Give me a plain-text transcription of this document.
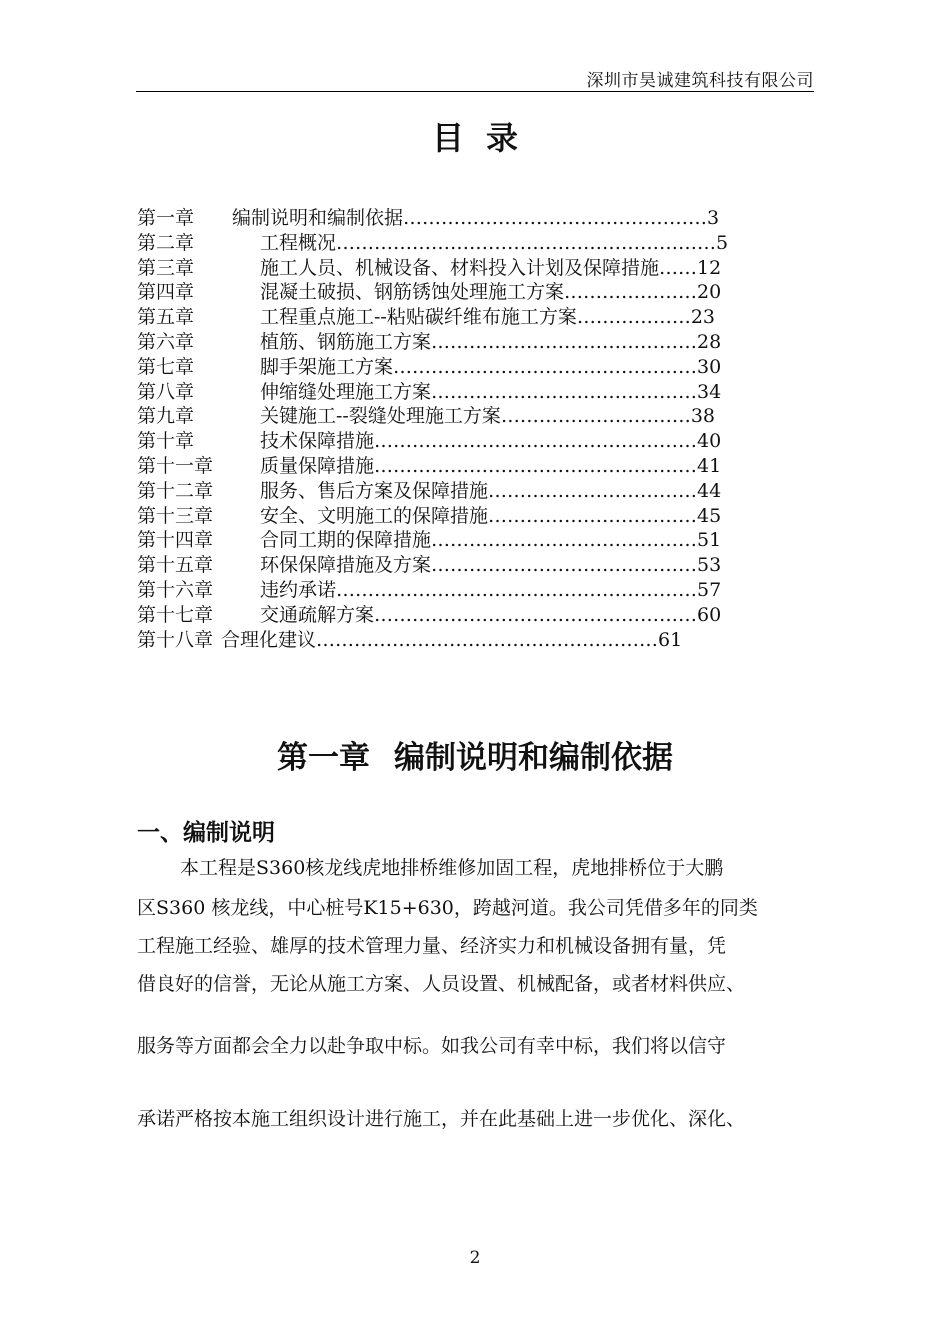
深圳市昊诚建筑科技有限公司
目录
第一章 编制说明和编制依据…………………………………………3
第二章	工程概况……………………………………………………5
第三章	施工人员、机械设备、材料投入计划及保障措施……12
第四章	混凝土破损、钢筋锈蚀处理施工方案…………………20
第五章	工程重点施工--粘贴碳纤维布施工方案………………23
第六章	植筋、钢筋施工方案……………………………………28
第七章	脚手架施工方案…………………………………………30
第八章	伸缩缝处理施工方案……………………………………34
第九章	关键施工--裂缝处理施工方案…………………………38
第十章	技术保障措施……………………………………………40
第十一章 质量保障措施……………………………………………41
第十二章 服务、售后方案及保障措施……………………………44
第十三章 安全、文明施工的保障措施……………………………45
第十四章 合同工期的保障措施……………………………………51
第十五章 环保保障措施及方案……………………………………53
第十六章 违约承诺…………………………………………………57
第十七章 交通疏解方案……………………………………………60
第十八章 合理化建议………………………………………………61
第一章 编制说明和编制依据
一、编制说明
本工程是S360核龙线虎地排桥维修加固工程，虎地排桥位于大鹏
区S360 核龙线，中心桩号K15+630，跨越河道。我公司凭借多年的同类
工程施工经验、雄厚的技术管理力量、经济实力和机械设备拥有量，凭
借良好的信誉，无论从施工方案、人员设置、机械配备，或者材料供应、
服务等方面都会全力以赴争取中标。如我公司有幸中标，我们将以信守
承诺严格按本施工组织设计进行施工，并在此基础上进一步优化、深化、
2
